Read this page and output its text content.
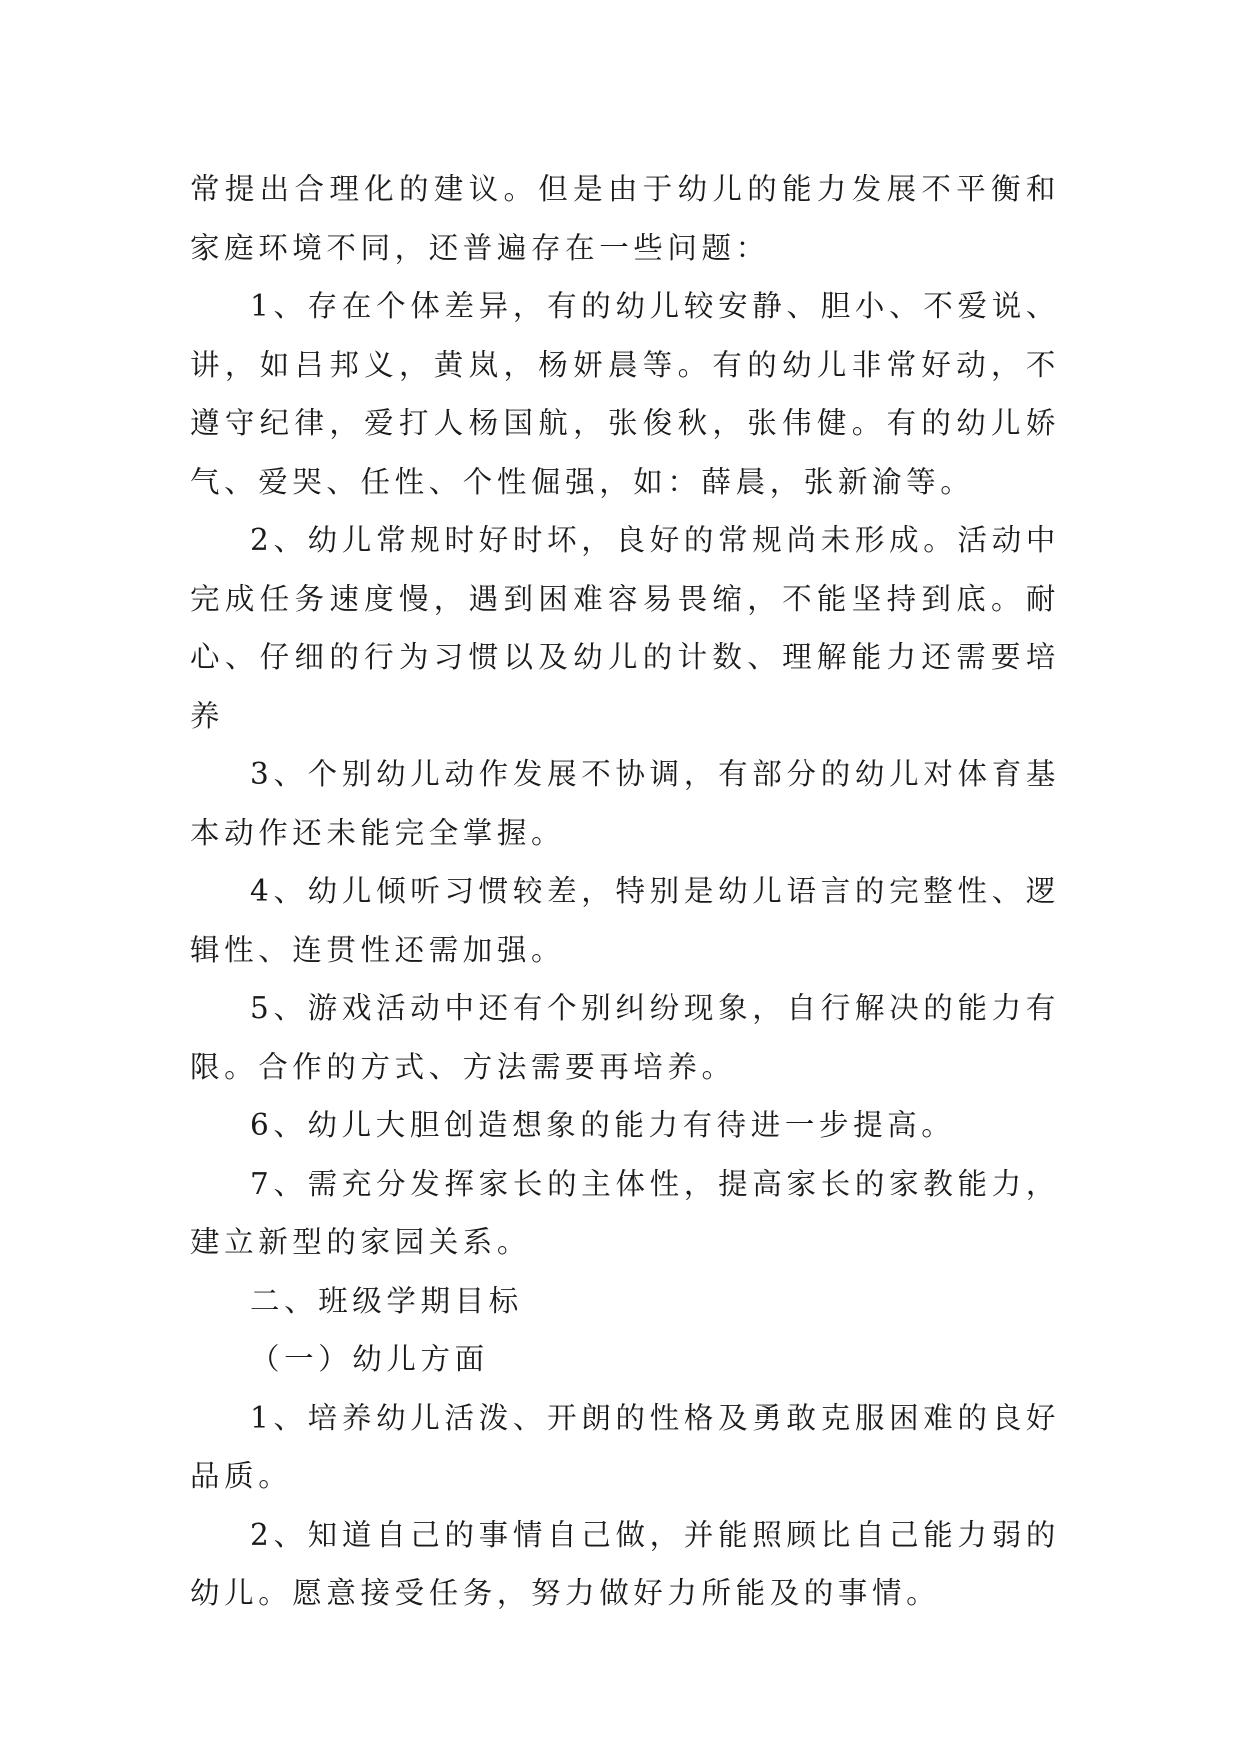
常提出合理化的建议。但是由于幼儿的能力发展不平衡和家庭环境不同，还普遍存在一些问题：

1、存在个体差异，有的幼儿较安静、胆小、不爱说、讲，如吕邦义，黄岚，杨妍晨等。有的幼儿非常好动，不遵守纪律，爱打人杨国航，张俊秋，张伟健。有的幼儿娇气、爱哭、任性、个性倔强，如：薛晨，张新渝等。

2、幼儿常规时好时坏，良好的常规尚未形成。活动中完成任务速度慢，遇到困难容易畏缩，不能坚持到底。耐心、仔细的行为习惯以及幼儿的计数、理解能力还需要培养

3、个别幼儿动作发展不协调，有部分的幼儿对体育基本动作还未能完全掌握。

4、幼儿倾听习惯较差，特别是幼儿语言的完整性、逻辑性、连贯性还需加强。

5、游戏活动中还有个别纠纷现象，自行解决的能力有限。合作的方式、方法需要再培养。

6、幼儿大胆创造想象的能力有待进一步提高。

7、需充分发挥家长的主体性，提高家长的家教能力，建立新型的家园关系。

二、班级学期目标

（一）幼儿方面

1、培养幼儿活泼、开朗的性格及勇敢克服困难的良好品质。

2、知道自己的事情自己做，并能照顾比自己能力弱的幼儿。愿意接受任务，努力做好力所能及的事情。
